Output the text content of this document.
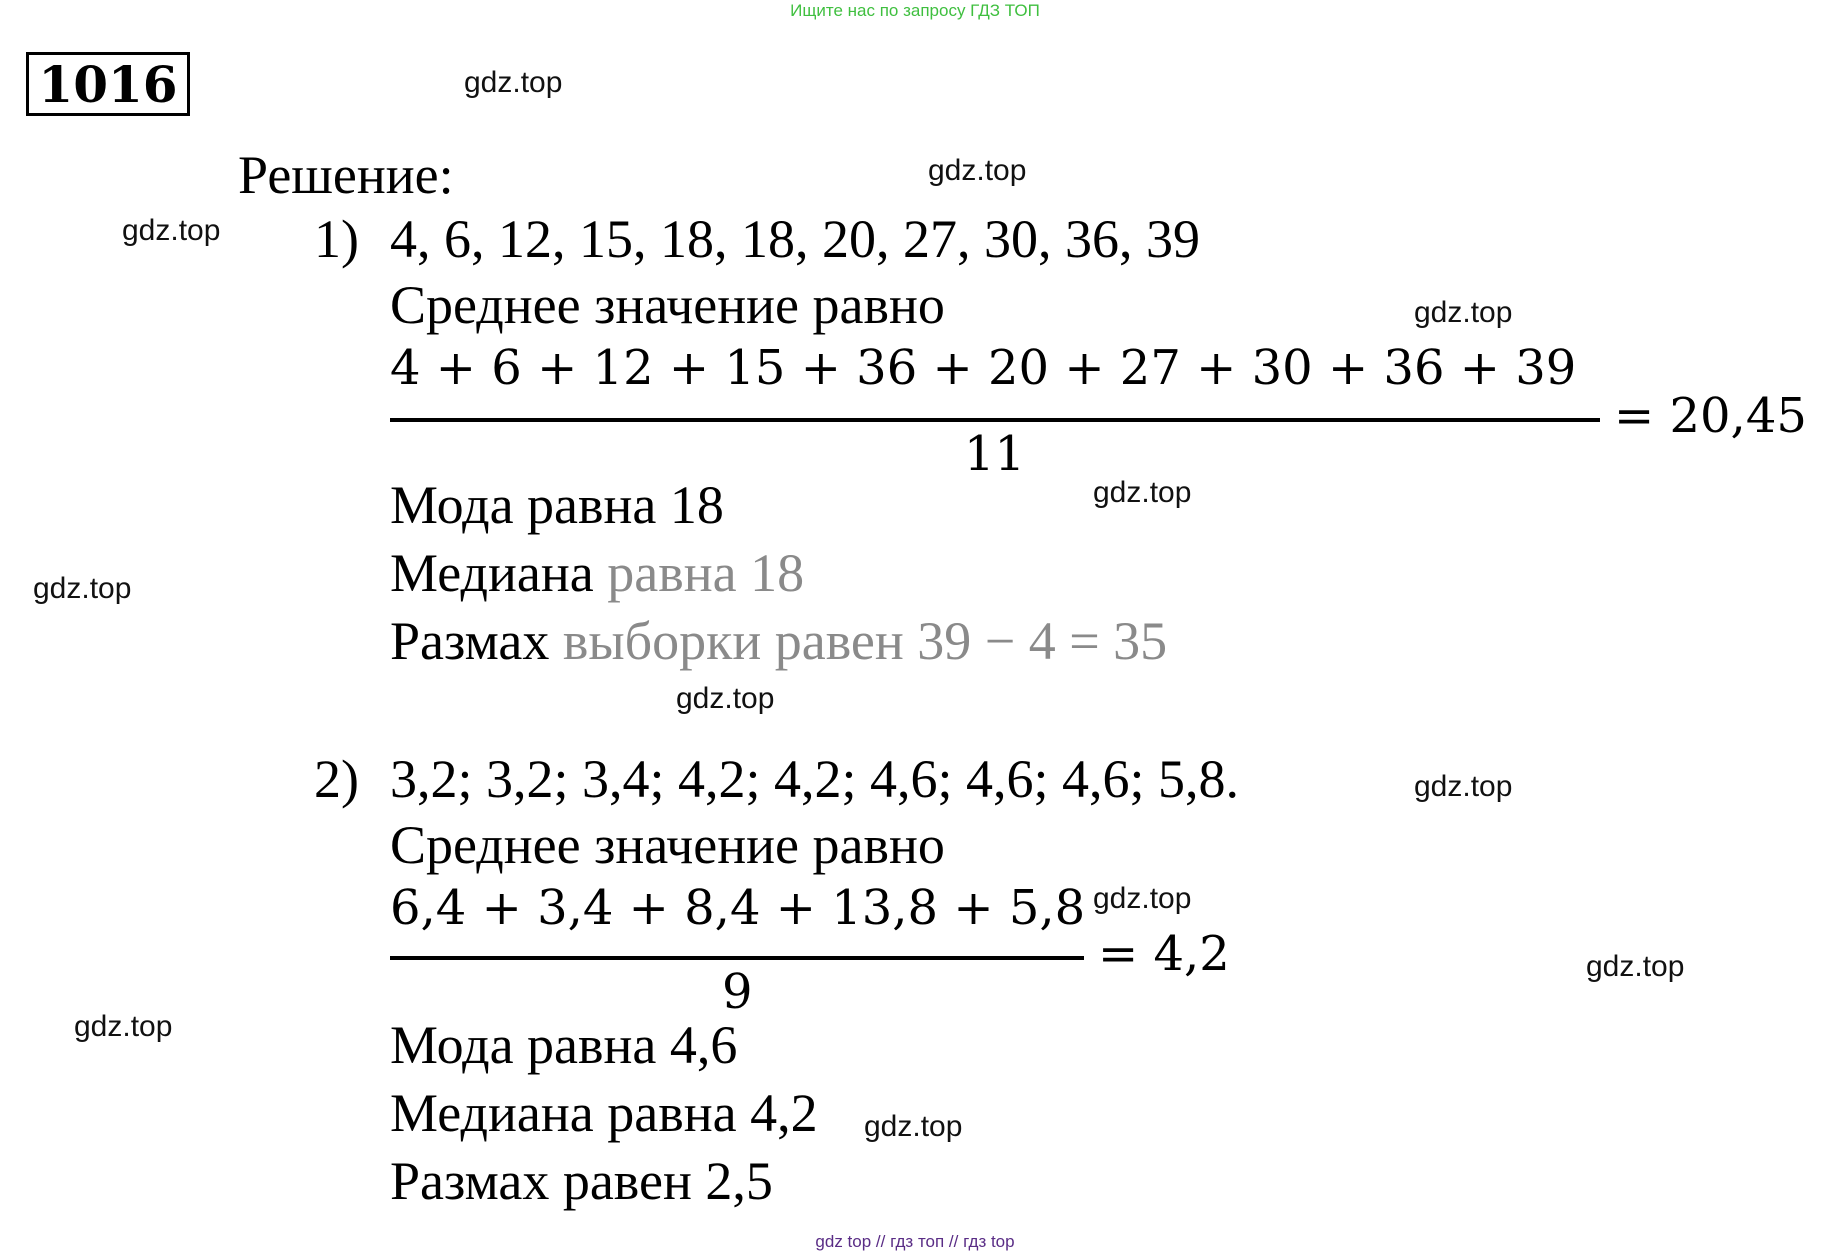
Ищите нас по запросу ГДЗ ТОП
1016
Решение:
gdz.top
gdz.top
gdz.top
gdz.top
gdz.top
gdz.top
gdz.top
gdz.top
gdz.top
gdz.top
gdz.top
gdz.top
1) 4, 6, 12, 15, 18, 18, 20, 27, 30, 36, 39
Среднее значение равно
4 + 6 + 12 + 15 + 36 + 20 + 27 + 30 + 36 + 39
11
= 20,45
Мода равна 18
Медиана равна 18
Размах выборки равен 39 − 4 = 35
2) 3,2; 3,2; 3,4; 4,2; 4,2; 4,6; 4,6; 4,6; 5,8.
Среднее значение равно
6,4 + 3,4 + 8,4 + 13,8 + 5,8
9
= 4,2
Мода равна 4,6
Медиана равна 4,2
Размах равен 2,5
gdz top // гдз топ // гдз top
